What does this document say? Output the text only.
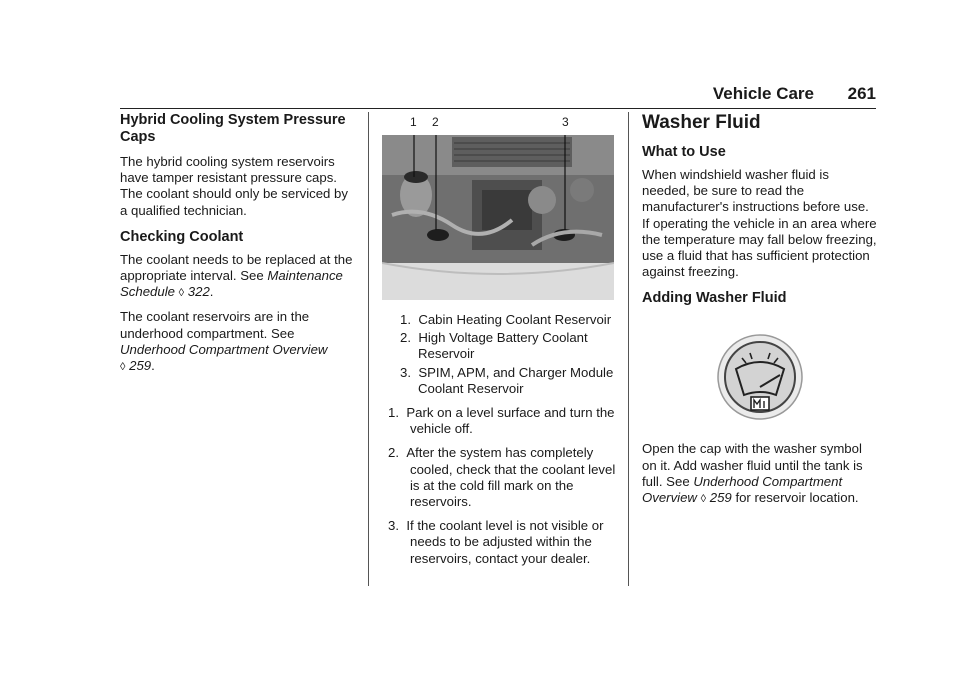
Vehicle Care 261
Hybrid Cooling System Pressure Caps

The hybrid cooling system reservoirs have tamper resistant pressure caps. The coolant should only be serviced by a qualified technician.

Checking Coolant

The coolant needs to be replaced at the appropriate interval. See Maintenance Schedule ◊ 322.

The coolant reservoirs are in the underhood compartment. See Underhood Compartment Overview
◊ 259.

1 2	3
1. Cabin Heating Coolant Reservoir
2. High Voltage Battery Coolant Reservoir
3. SPIM, APM, and Charger Module Coolant Reservoir
1. Park on a level surface and turn the vehicle off.
2. After the system has completely cooled, check that the coolant level is at the cold fill mark on the reservoirs.
3. If the coolant level is not visible or needs to be adjusted within the reservoirs, contact your dealer.
Washer Fluid
What to Use

When windshield washer fluid is needed, be sure to read the manufacturer's instructions before use. If operating the vehicle in an area where the temperature may fall below freezing, use a fluid that has sufficient protection against freezing.

Adding Washer Fluid

Open the cap with the washer symbol on it. Add washer fluid until the tank is full. See Underhood Compartment Overview ◊ 259 for reservoir location.
